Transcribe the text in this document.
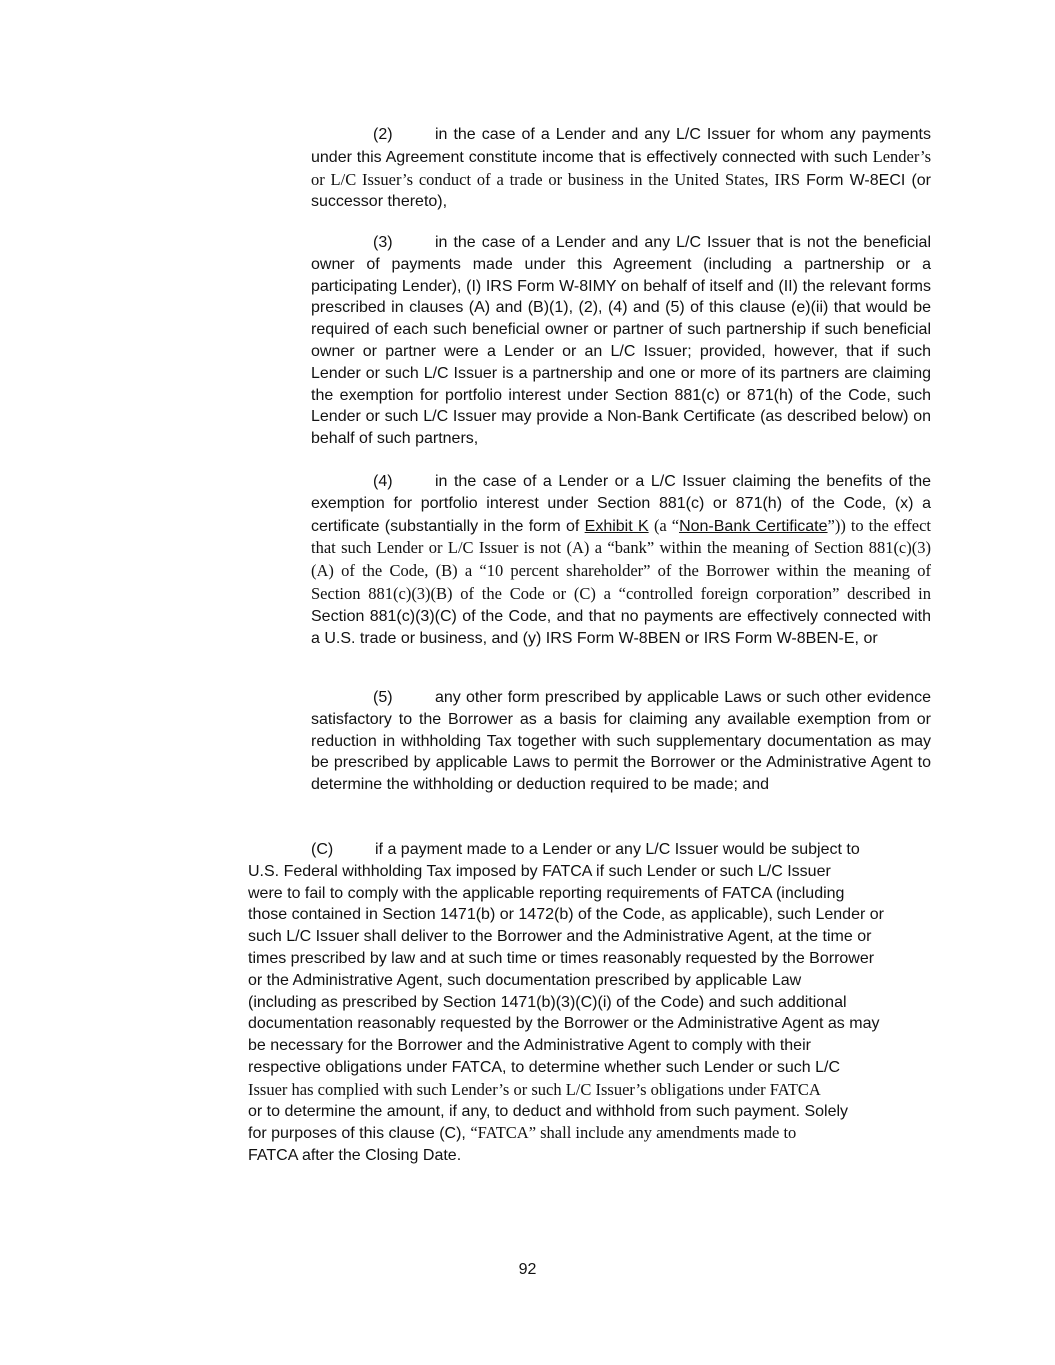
(2)	in the case of a Lender and any L/C Issuer for whom any payments under this Agreement constitute income that is effectively connected with such Lender’s or L/C Issuer’s conduct of a trade or business in the United States, IRS Form W-8ECI (or successor thereto),

(3)	in the case of a Lender and any L/C Issuer that is not the beneficial owner of payments made under this Agreement (including a partnership or a participating Lender), (I) IRS Form W-8IMY on behalf of itself and (II) the relevant forms prescribed in clauses (A) and (B)(1), (2), (4) and (5) of this clause (e)(ii) that would be required of each such beneficial owner or partner of such partnership if such beneficial owner or partner were a Lender or an L/C Issuer; provided, however, that if such Lender or such L/C Issuer is a partnership and one or more of its partners are claiming the exemption for portfolio interest under Section 881(c) or 871(h) of the Code, such Lender or such L/C Issuer may provide a Non-Bank Certificate (as described below) on behalf of such partners,

(4)	in the case of a Lender or a L/C Issuer claiming the benefits of the exemption for portfolio interest under Section 881(c) or 871(h) of the Code, (x) a certificate (substantially in the form of Exhibit K (a “Non-Bank Certificate”)) to the effect that such Lender or L/C Issuer is not (A) a “bank” within the meaning of Section 881(c)(3)(A) of the Code, (B) a “10 percent shareholder” of the Borrower within the meaning of Section 881(c)(3)(B) of the Code or (C) a “controlled foreign corporation” described in Section 881(c)(3)(C) of the Code, and that no payments are effectively connected with a U.S. trade or business, and (y) IRS Form W-8BEN or IRS Form W-8BEN-E, or

(5)	any other form prescribed by applicable Laws or such other evidence satisfactory to the Borrower as a basis for claiming any available exemption from or reduction in withholding Tax together with such supplementary documentation as may be prescribed by applicable Laws to permit the Borrower or the Administrative Agent to determine the withholding or deduction required to be made; and

(C)	if a payment made to a Lender or any L/C Issuer would be subject to
U.S. Federal withholding Tax imposed by FATCA if such Lender or such L/C Issuer
were to fail to comply with the applicable reporting requirements of FATCA (including
those contained in Section 1471(b) or 1472(b) of the Code, as applicable), such Lender or
such L/C Issuer shall deliver to the Borrower and the Administrative Agent, at the time or
times prescribed by law and at such time or times reasonably requested by the Borrower
or the Administrative Agent, such documentation prescribed by applicable Law
(including as prescribed by Section 1471(b)(3)(C)(i) of the Code) and such additional
documentation reasonably requested by the Borrower or the Administrative Agent as may
be necessary for the Borrower and the Administrative Agent to comply with their
respective obligations under FATCA, to determine whether such Lender or such L/C
Issuer has complied with such Lender’s or such L/C Issuer’s obligations under FATCA
or to determine the amount, if any, to deduct and withhold from such payment. Solely
for purposes of this clause (C), “FATCA” shall include any amendments made to
FATCA after the Closing Date.
92
